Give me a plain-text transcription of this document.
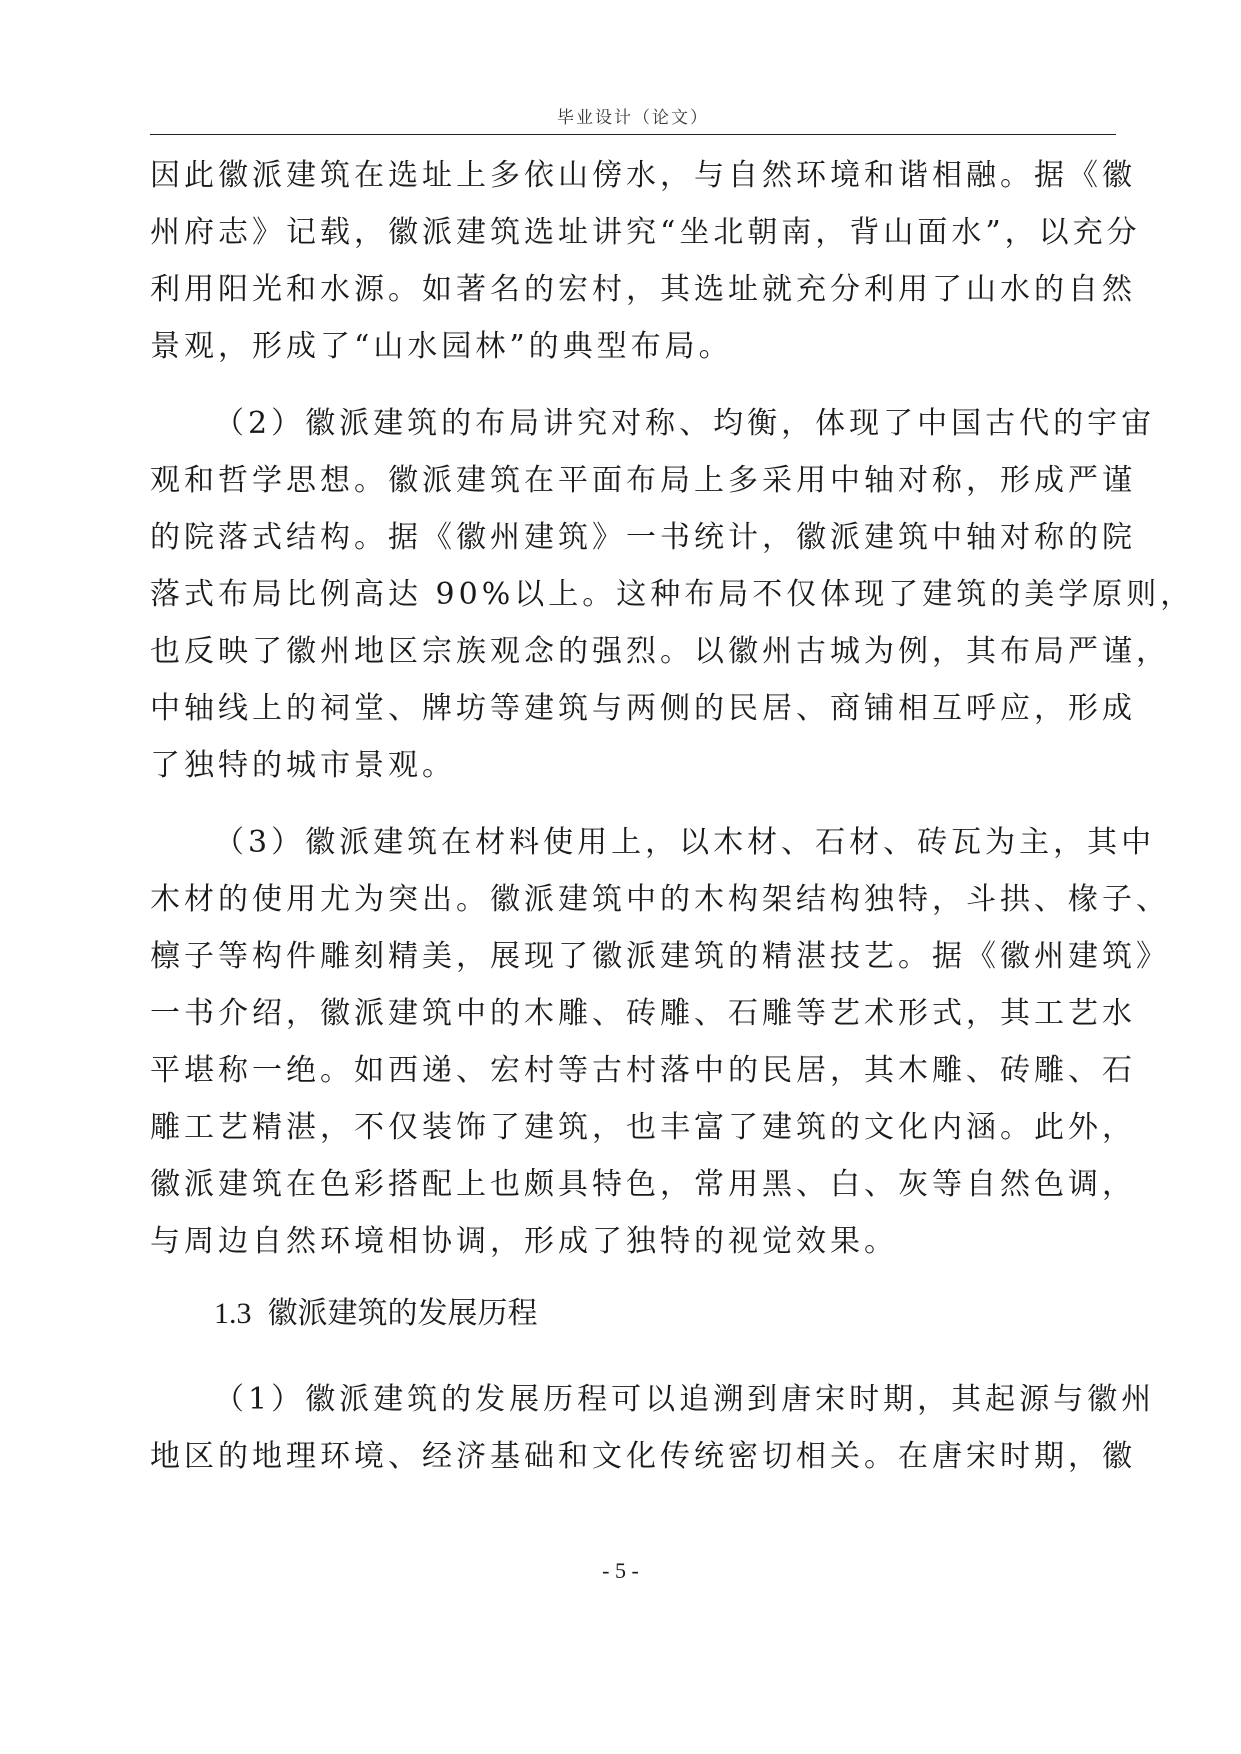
毕业设计（论文）
因此徽派建筑在选址上多依山傍水，与自然环境和谐相融。据《徽
州府志》记载，徽派建筑选址讲究“坐北朝南，背山面水”，以充分
利用阳光和水源。如著名的宏村，其选址就充分利用了山水的自然
景观，形成了“山水园林”的典型布局。
（2）徽派建筑的布局讲究对称、均衡，体现了中国古代的宇宙
观和哲学思想。徽派建筑在平面布局上多采用中轴对称，形成严谨
的院落式结构。据《徽州建筑》一书统计，徽派建筑中轴对称的院
落式布局比例高达 90%以上。这种布局不仅体现了建筑的美学原则，
也反映了徽州地区宗族观念的强烈。以徽州古城为例，其布局严谨，
中轴线上的祠堂、牌坊等建筑与两侧的民居、商铺相互呼应，形成
了独特的城市景观。
（3）徽派建筑在材料使用上，以木材、石材、砖瓦为主，其中
木材的使用尤为突出。徽派建筑中的木构架结构独特，斗拱、椽子、
檩子等构件雕刻精美，展现了徽派建筑的精湛技艺。据《徽州建筑》
一书介绍，徽派建筑中的木雕、砖雕、石雕等艺术形式，其工艺水
平堪称一绝。如西递、宏村等古村落中的民居，其木雕、砖雕、石
雕工艺精湛，不仅装饰了建筑，也丰富了建筑的文化内涵。此外，
徽派建筑在色彩搭配上也颇具特色，常用黑、白、灰等自然色调，
与周边自然环境相协调，形成了独特的视觉效果。
1.3 徽派建筑的发展历程
（1）徽派建筑的发展历程可以追溯到唐宋时期，其起源与徽州
地区的地理环境、经济基础和文化传统密切相关。在唐宋时期，徽
- 5 -
